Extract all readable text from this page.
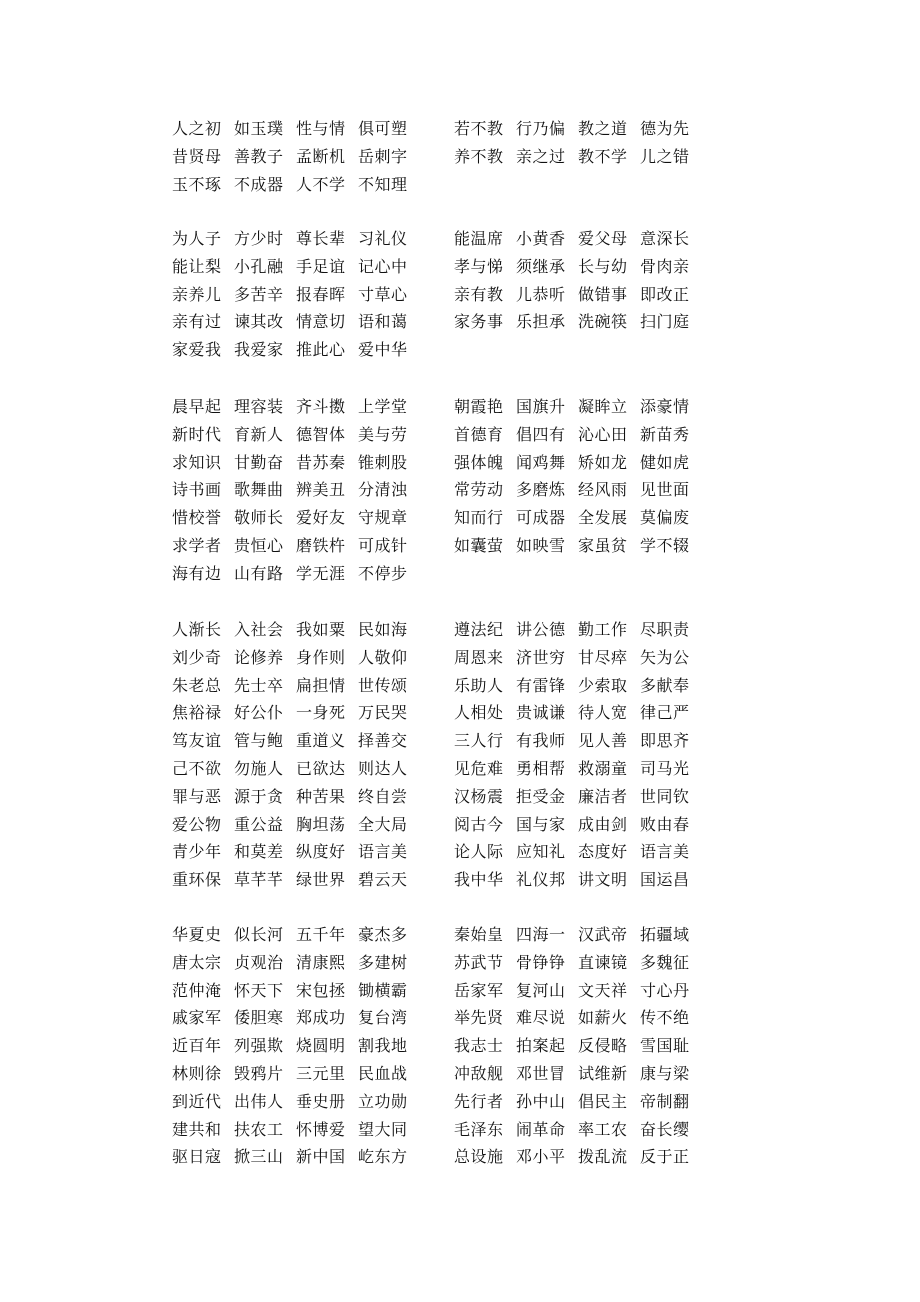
人之初 如玉璞 性与情 俱可塑	若不教 行乃偏 教之道 德为先
昔贤母 善教子 孟断机 岳刺字	养不教 亲之过 教不学 儿之错
玉不琢 不成器 人不学 不知理
为人子 方少时 尊长辈 习礼仪	能温席 小黄香 爱父母 意深长
能让梨 小孔融 手足谊 记心中	孝与悌 须继承 长与幼 骨肉亲
亲养儿 多苦辛 报春晖 寸草心	亲有教 儿恭听 做错事 即改正
亲有过 谏其改 情意切 语和蔼	家务事 乐担承 洗碗筷 扫门庭
家爱我 我爱家 推此心 爱中华
晨早起 理容装 齐斗擞 上学堂	朝霞艳 国旗升 凝眸立 添豪情
新时代 育新人 德智体 美与劳	首德育 倡四有 沁心田 新苗秀
求知识 甘勤奋 昔苏秦 锥刺股	强体魄 闻鸡舞 矫如龙 健如虎
诗书画 歌舞曲 辨美丑 分清浊	常劳动 多磨炼 经风雨 见世面
惜校誉 敬师长 爱好友 守规章	知而行 可成器 全发展 莫偏废
求学者 贵恒心 磨铁杵 可成针	如囊萤 如映雪 家虽贫 学不辍
海有边 山有路 学无涯 不停步
人渐长 入社会 我如粟 民如海	遵法纪 讲公德 勤工作 尽职责
刘少奇 论修养 身作则 人敬仰	周恩来 济世穷 甘尽瘁 矢为公
朱老总 先士卒 扁担情 世传颂	乐助人 有雷锋 少索取 多献奉
焦裕禄 好公仆 一身死 万民哭	人相处 贵诚谦 待人宽 律己严
笃友谊 管与鲍 重道义 择善交	三人行 有我师 见人善 即思齐
己不欲 勿施人 已欲达 则达人	见危难 勇相帮 救溺童 司马光
罪与恶 源于贪 种苦果 终自尝	汉杨震 拒受金 廉洁者 世同钦
爱公物 重公益 胸坦荡 全大局	阅古今 国与家 成由剑 败由春
青少年 和莫差 纵度好 语言美	论人际 应知礼 态度好 语言美
重环保 草芊芊 绿世界 碧云天	我中华 礼仪邦 讲文明 国运昌
华夏史 似长河 五千年 豪杰多	秦始皇 四海一 汉武帝 拓疆域
唐太宗 贞观治 清康熙 多建树	苏武节 骨铮铮 直谏镜 多魏征
范仲淹 怀天下 宋包拯 锄横霸	岳家军 复河山 文天祥 寸心丹
戚家军 倭胆寒 郑成功 复台湾	举先贤 难尽说 如薪火 传不绝
近百年 列强欺 烧圆明 割我地	我志士 拍案起 反侵略 雪国耻
林则徐 毁鸦片 三元里 民血战	冲敌舰 邓世冒 试维新 康与梁
到近代 出伟人 垂史册 立功勋	先行者 孙中山 倡民主 帝制翻
建共和 扶农工 怀博爱 望大同	毛泽东 闹革命 率工农 奋长缨
驱日寇 掀三山 新中国 屹东方	总设施 邓小平 拨乱流 反于正
